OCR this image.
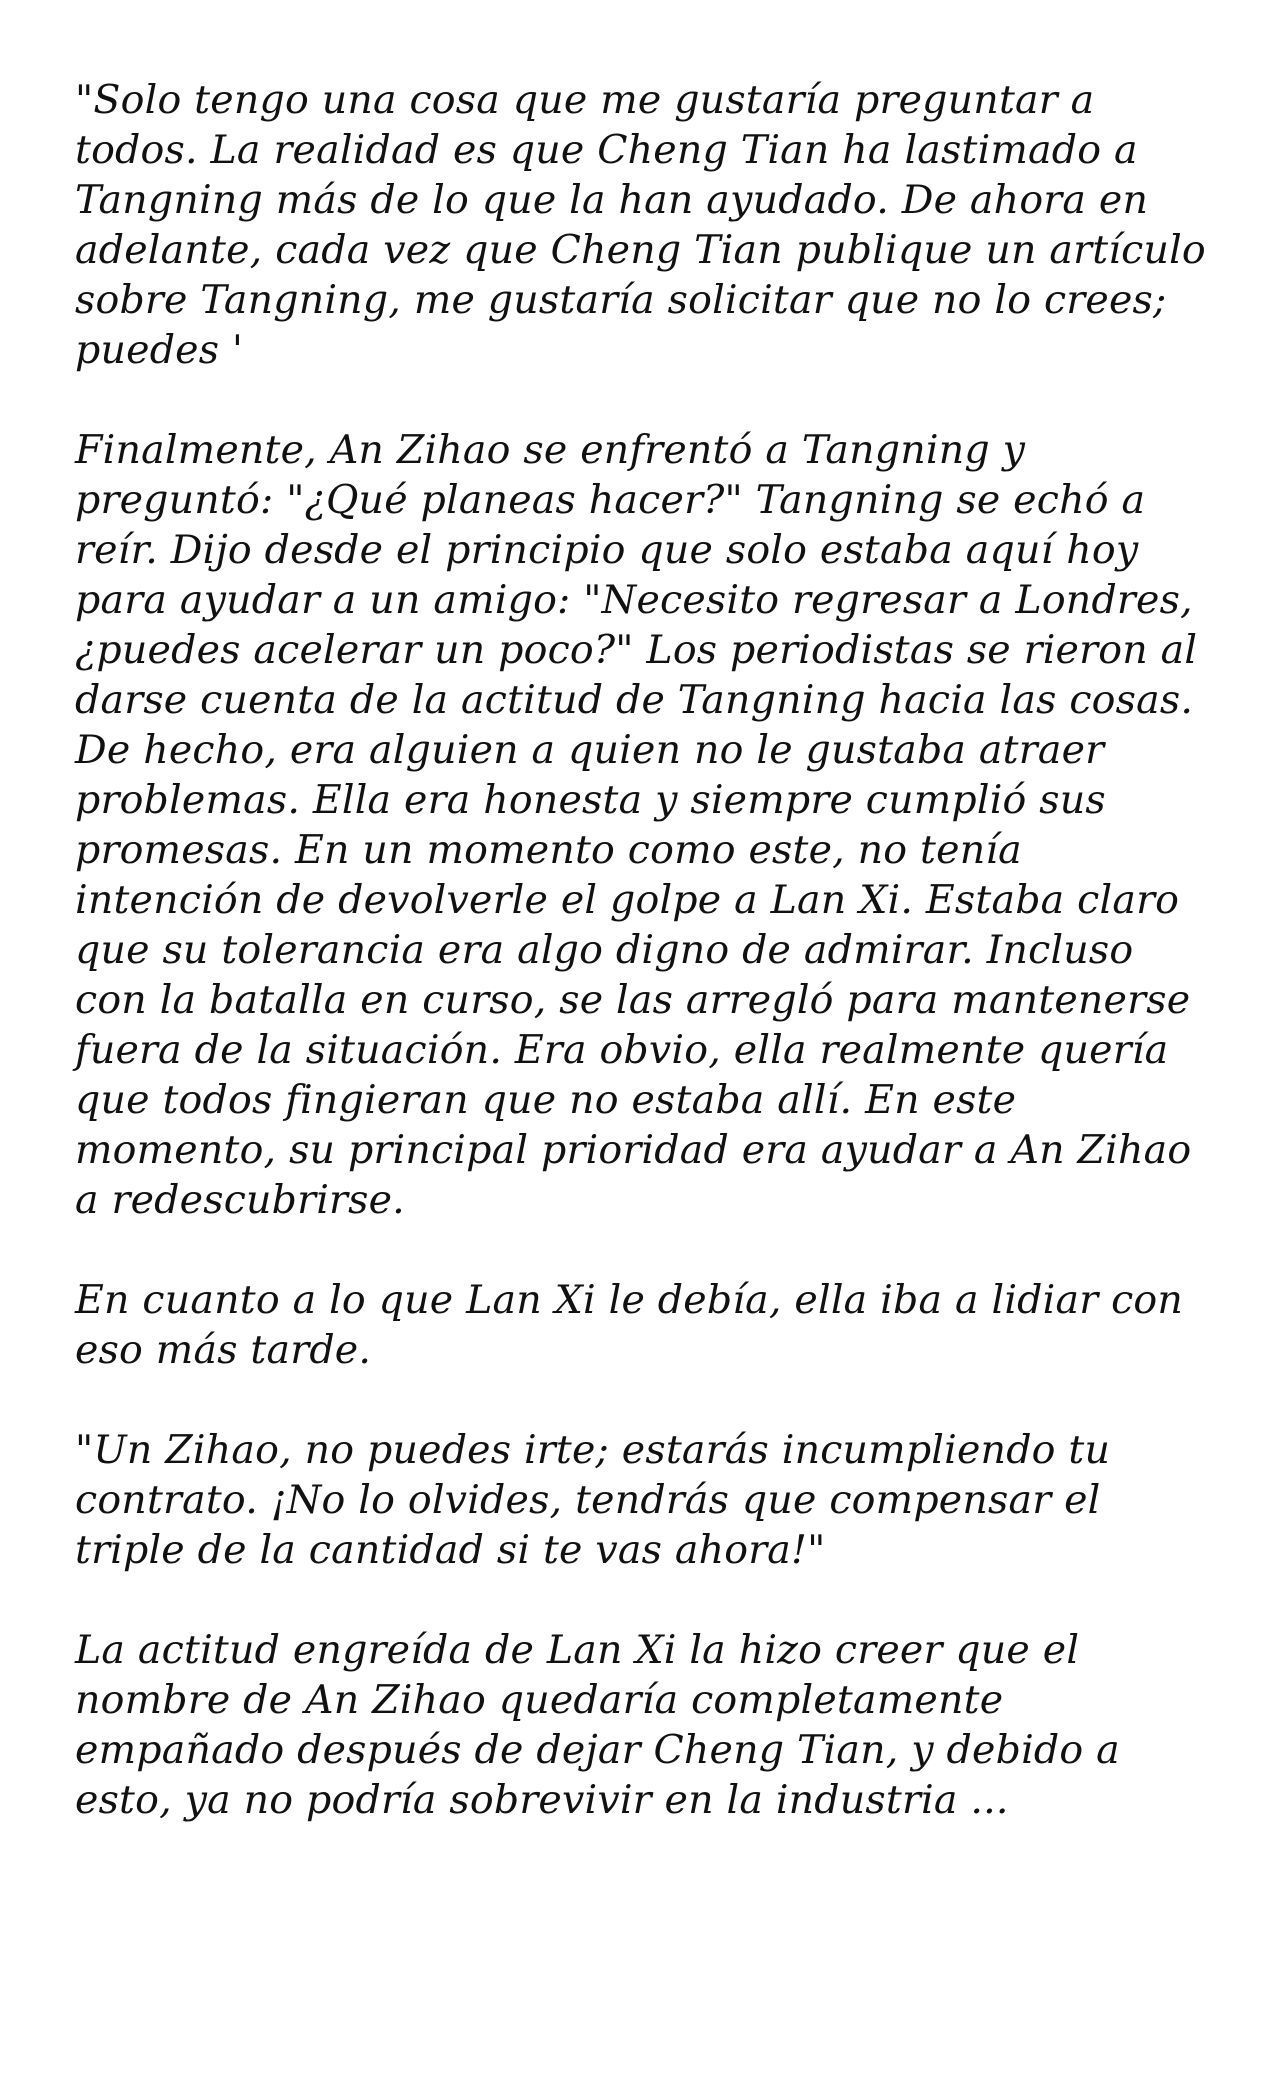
"Solo tengo una cosa que me gustaría preguntar a todos. La realidad es que Cheng Tian ha lastimado a Tangning más de lo que la han ayudado. De ahora en adelante, cada vez que Cheng Tian publique un artículo sobre Tangning, me gustaría solicitar que no lo crees; puedes '

Finalmente, An Zihao se enfrentó a Tangning y preguntó: "¿Qué planeas hacer?" Tangning se echó a reír. Dijo desde el principio que solo estaba aquí hoy para ayudar a un amigo: "Necesito regresar a Londres, ¿puedes acelerar un poco?" Los periodistas se rieron al darse cuenta de la actitud de Tangning hacia las cosas. De hecho, era alguien a quien no le gustaba atraer problemas. Ella era honesta y siempre cumplió sus promesas. En un momento como este, no tenía intención de devolverle el golpe a Lan Xi. Estaba claro que su tolerancia era algo digno de admirar. Incluso con la batalla en curso, se las arregló para mantenerse fuera de la situación. Era obvio, ella realmente quería que todos fingieran que no estaba allí. En este momento, su principal prioridad era ayudar a An Zihao a redescubrirse.

En cuanto a lo que Lan Xi le debía, ella iba a lidiar con eso más tarde.

"Un Zihao, no puedes irte; estarás incumpliendo tu contrato. ¡No lo olvides, tendrás que compensar el triple de la cantidad si te vas ahora!"

La actitud engreída de Lan Xi la hizo creer que el nombre de An Zihao quedaría completamente empañado después de dejar Cheng Tian, y debido a esto, ya no podría sobrevivir en la industria ...
